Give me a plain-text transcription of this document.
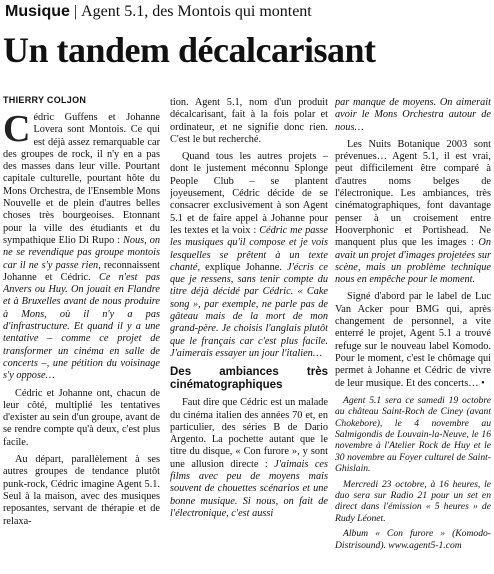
Musique | Agent 5.1, des Montois qui montent
Un tandem décalcarisant
THIERRY COLJON

Cédric Guffens et Johanne Lovera sont Montois. Ce qui est déjà assez remarquable car des groupes de rock, il n'y en a pas des masses dans leur ville. Pourtant capitale culturelle, pourtant hôte du Mons Orchestra, de l'Ensemble Mons Nouvelle et de plein d'autres belles choses très bourgeoises. Etonnant pour la ville des étudiants et du sympathique Elio Di Rupo : Nous, on ne se revendique pas groupe montois car il ne s'y passe rien, reconnaissent Johanne et Cédric. Ce n'est pas Anvers ou Huy. On jouait en Flandre et à Bruxelles avant de nous produire à Mons, où il n'y a pas d'infrastructure. Et quand il y a une tentative – comme ce projet de transformer un cinéma en salle de concerts –, une pétition du voisinage s'y oppose…

Cédric et Johanne ont, chacun de leur côté, multiplié les tentatives d'exister au sein d'un groupe, avant de se rendre compte qu'à deux, c'est plus facile.

Au départ, parallèlement à ses autres groupes de tendance plutôt punk-rock, Cédric imagine Agent 5.1. Seul à la maison, avec des musiques reposantes, servant de thérapie et de relaxa-

tion. Agent 5.1, nom d'un produit décalcarisant, fait à la fois polar et ordinateur, et ne signifie donc rien. C'est le but recherché.

Quand tous les autres projets – dont le justement méconnu Splonge People Club – se plantent joyeusement, Cédric décide de se consacrer exclusivement à son Agent 5.1 et de faire appel à Johanne pour les textes et la voix : Cédric me passe les musiques qu'il compose et je vois lesquelles se prêtent à un texte chanté, explique Johanne. J'écris ce que je ressens, sans tenir compte du titre déjà décidé par Cédric. « Cake song », par exemple, ne parle pas de gâteau mais de la mort de mon grand-père. Je choisis l'anglais plutôt que le français car c'est plus facile. J'aimerais essayer un jour l'italien…

Des ambiances très cinématographiques

Faut dire que Cédric est un malade du cinéma italien des années 70 et, en particulier, des séries B de Dario Argento. La pochette autant que le titre du disque, « Con furore », y sont une allusion directe : J'aimais ces films avec peu de moyens mais souvent de chouettes scénarios et une bonne musique. Si nous, on fait de l'électronique, c'est aussi

par manque de moyens. On aimerait avoir le Mons Orchestra autour de nous…

Les Nuits Botanique 2003 sont prévenues… Agent 5.1, il est vrai, peut difficilement être comparé à d'autres noms belges de l'électronique. Les ambiances, très cinématographiques, font davantage penser à un croisement entre Hooverphonic et Portishead. Ne manquent plus que les images : On avait un projet d'images projetées sur scène, mais un problème technique nous en empêche pour le moment.

Signé d'abord par le label de Luc Van Acker pour BMG qui, après changement de personnel, a vite enterré le projet, Agent 5.1 a trouvé refuge sur le nouveau label Komodo. Pour le moment, c'est le chômage qui permet à Johanne et Cédric de vivre de leur musique. Et des concerts… •

Agent 5.1 sera ce samedi 19 octobre au château Saint-Roch de Ciney (avant Chokebore), le 4 novembre au Salmigondis de Louvain-la-Neuve, le 16 novembre à l'Atelier Rock de Huy et le 30 novembre au Foyer culturel de Saint-Ghislain.

Mercredi 23 octobre, à 16 heures, le duo sera sur Radio 21 pour un set en direct dans l'émission « 5 heures » de Rudy Léonet.

Album « Con furore » (Komodo-Distrisound). www.agent5-1.com
